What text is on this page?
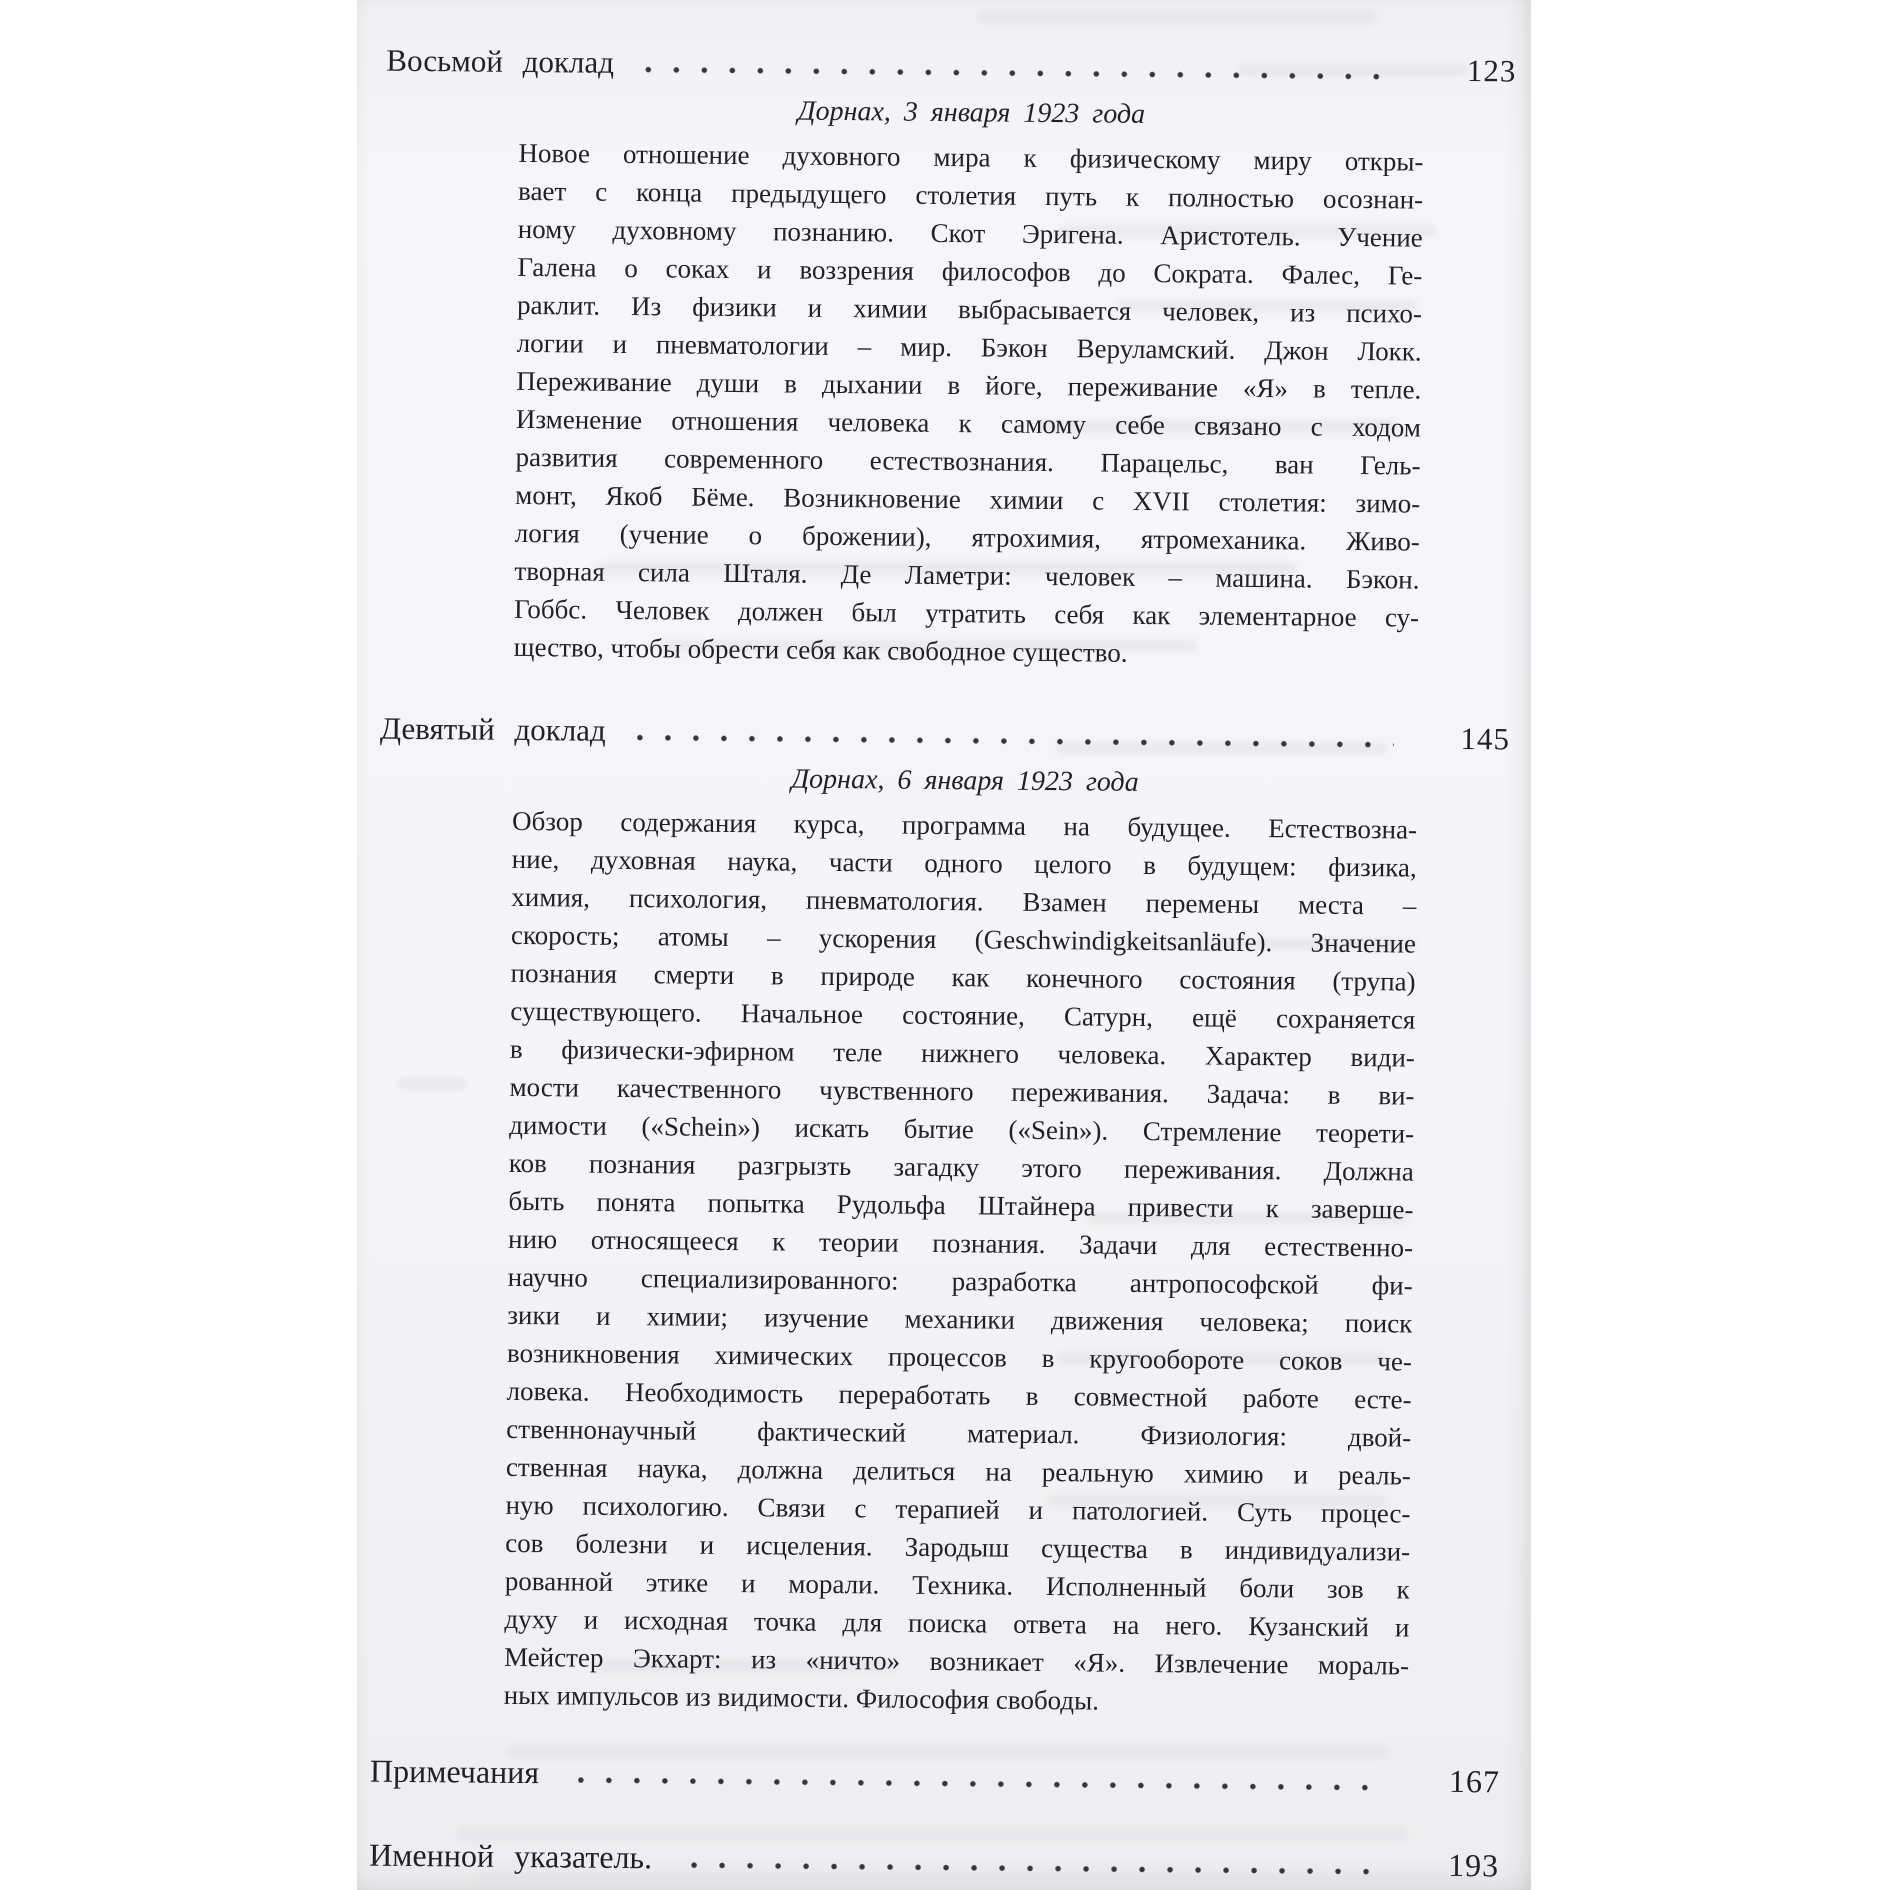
Восьмой доклад	123
Дорнах, 3 января 1923 года
Новое отношение духовного мира к физическому миру откры-
вает с конца предыдущего столетия путь к полностью осознан-
ному духовному познанию. Скот Эригена. Аристотель. Учение
Галена о соках и воззрения философов до Сократа. Фалес, Ге-
раклит. Из физики и химии выбрасывается человек, из психо-
логии и пневматологии – мир. Бэкон Веруламский. Джон Локк.
Переживание души в дыхании в йоге, переживание «Я» в тепле.
Изменение отношения человека к самому себе связано с ходом
развития современного естествознания. Парацельс, ван Гель-
монт, Якоб Бёме. Возникновение химии с XVII столетия: зимо-
логия (учение о брожении), ятрохимия, ятромеханика. Живо-
творная сила Шталя. Де Ламетри: человек – машина. Бэкон.
Гоббс. Человек должен был утратить себя как элементарное су-
щество, чтобы обрести себя как свободное существо.
Девятый доклад	145
Дорнах, 6 января 1923 года
Обзор содержания курса, программа на будущее. Естествозна-
ние, духовная наука, части одного целого в будущем: физика,
химия, психология, пневматология. Взамен перемены места –
скорость; атомы – ускорения (Geschwindigkeitsanläufe). Значение
познания смерти в природе как конечного состояния (трупа)
существующего. Начальное состояние, Сатурн, ещё сохраняется
в физически-эфирном теле нижнего человека. Характер види-
мости качественного чувственного переживания. Задача: в ви-
димости («Schein») искать бытие («Sein»). Стремление теорети-
ков познания разгрызть загадку этого переживания. Должна
быть понята попытка Рудольфа Штайнера привести к заверше-
нию относящееся к теории познания. Задачи для естественно-
научно специализированного: разработка антропософской фи-
зики и химии; изучение механики движения человека; поиск
возникновения химических процессов в кругообороте соков че-
ловека. Необходимость переработать в совместной работе есте-
ственнонаучный фактический материал. Физиология: двой-
ственная наука, должна делиться на реальную химию и реаль-
ную психологию. Связи с терапией и патологией. Суть процес-
сов болезни и исцеления. Зародыш существа в индивидуализи-
рованной этике и морали. Техника. Исполненный боли зов к
духу и исходная точка для поиска ответа на него. Кузанский и
Мейстер Экхарт: из «ничто» возникает «Я». Извлечение мораль-
ных импульсов из видимости. Философия свободы.
Примечания	167
Именной указатель.	193
